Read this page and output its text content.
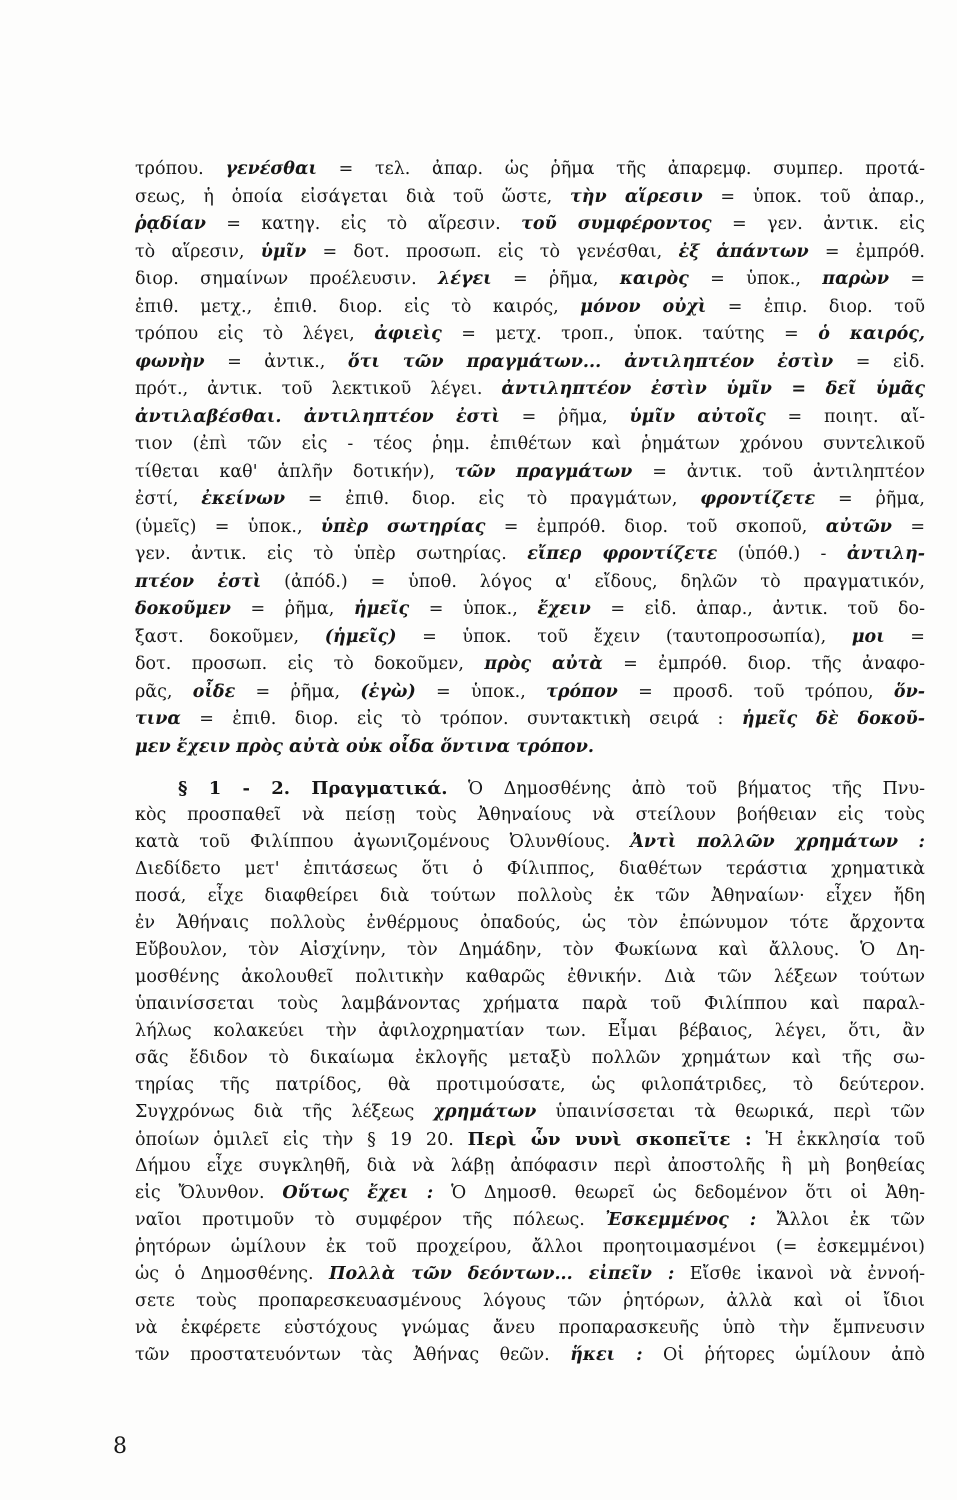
τρόπου. γενέσθαι = τελ. ἀπαρ. ὡς ῥῆμα τῆς ἀπαρεμφ. συμπερ. προτά-
σεως, ἡ ὁποία εἰσάγεται διὰ τοῦ ὥστε, τὴν αἵρεσιν = ὑποκ. τοῦ ἀπαρ.,
ῥᾳδίαν = κατηγ. εἰς τὸ αἵρεσιν. τοῦ συμφέροντος = γεν. ἀντικ. εἰς
τὸ αἵρεσιν, ὑμῖν = δοτ. προσωπ. εἰς τὸ γενέσθαι, ἐξ ἁπάντων = ἐμπρόθ.
διορ. σημαίνων προέλευσιν. λέγει = ῥῆμα, καιρὸς = ὑποκ., παρὼν =
ἐπιθ. μετχ., ἐπιθ. διορ. εἰς τὸ καιρός, μόνον οὐχὶ = ἐπιρ. διορ. τοῦ
τρόπου εἰς τὸ λέγει, ἀφιεὶς = μετχ. τροπ., ὑποκ. ταύτης = ὁ καιρός,
φωνὴν = ἀντικ., ὅτι τῶν πραγμάτων... ἀντιληπτέον ἐστὶν = εἰδ.
πρότ., ἀντικ. τοῦ λεκτικοῦ λέγει. ἀντιληπτέον ἐστὶν ὑμῖν = δεῖ ὑμᾶς
ἀντιλαβέσθαι. ἀντιληπτέον ἐστὶ = ῥῆμα, ὑμῖν αὐτοῖς = ποιητ. αἴ-
τιον (ἐπὶ τῶν εἰς - τέος ῥημ. ἐπιθέτων καὶ ῥημάτων χρόνου συντελικοῦ
τίθεται καθ' ἁπλῆν δοτικήν), τῶν πραγμάτων = ἀντικ. τοῦ ἀντιληπτέον
ἐστί, ἐκείνων = ἐπιθ. διορ. εἰς τὸ πραγμάτων, φροντίζετε = ῥῆμα,
(ὑμεῖς) = ὑποκ., ὑπὲρ σωτηρίας = ἐμπρόθ. διορ. τοῦ σκοποῦ, αὐτῶν =
γεν. ἀντικ. εἰς τὸ ὑπὲρ σωτηρίας. εἴπερ φροντίζετε (ὑπόθ.) - ἀντιλη-
πτέον ἐστὶ (ἀπόδ.) = ὑποθ. λόγος α' εἴδους, δηλῶν τὸ πραγματικόν,
δοκοῦμεν = ῥῆμα, ἡμεῖς = ὑποκ., ἔχειν = εἰδ. ἀπαρ., ἀντικ. τοῦ δο-
ξαστ. δοκοῦμεν, (ἡμεῖς) = ὑποκ. τοῦ ἔχειν (ταυτοπροσωπία), μοι =
δοτ. προσωπ. εἰς τὸ δοκοῦμεν, πρὸς αὐτὰ = ἐμπρόθ. διορ. τῆς ἀναφο-
ρᾶς, οἶδε = ῥῆμα, (ἐγὼ) = ὑποκ., τρόπον = προσδ. τοῦ τρόπου, ὅν-
τινα = ἐπιθ. διορ. εἰς τὸ τρόπον. συντακτικὴ σειρά : ἡμεῖς δὲ δοκοῦ-
μεν ἔχειν πρὸς αὐτὰ οὐκ οἶδα ὅντινα τρόπον.
§ 1 - 2. Πραγματικά. Ὁ Δημοσθένης ἀπὸ τοῦ βήματος τῆς Πνυ-
κὸς προσπαθεῖ νὰ πείσῃ τοὺς Ἀθηναίους νὰ στείλουν βοήθειαν εἰς τοὺς
κατὰ τοῦ Φιλίππου ἀγωνιζομένους Ὀλυνθίους. Ἀντὶ πολλῶν χρημάτων :
Διεδίδετο μετ' ἐπιτάσεως ὅτι ὁ Φίλιππος, διαθέτων τεράστια χρηματικὰ
ποσά, εἶχε διαφθείρει διὰ τούτων πολλοὺς ἐκ τῶν Ἀθηναίων· εἶχεν ἤδη
ἐν Ἀθήναις πολλοὺς ἐνθέρμους ὀπαδούς, ὡς τὸν ἐπώνυμον τότε ἄρχοντα
Εὔβουλον, τὸν Αἰσχίνην, τὸν Δημάδην, τὸν Φωκίωνα καὶ ἄλλους. Ὁ Δη-
μοσθένης ἀκολουθεῖ πολιτικὴν καθαρῶς ἐθνικήν. Διὰ τῶν λέξεων τούτων
ὑπαινίσσεται τοὺς λαμβάνοντας χρήματα παρὰ τοῦ Φιλίππου καὶ παραλ-
λήλως κολακεύει τὴν ἀφιλοχρηματίαν των. Εἶμαι βέβαιος, λέγει, ὅτι, ἂν
σᾶς ἔδιδον τὸ δικαίωμα ἐκλογῆς μεταξὺ πολλῶν χρημάτων καὶ τῆς σω-
τηρίας τῆς πατρίδος, θὰ προτιμούσατε, ὡς φιλοπάτριδες, τὸ δεύτερον.
Συγχρόνως διὰ τῆς λέξεως χρημάτων ὑπαινίσσεται τὰ θεωρικά, περὶ τῶν
ὁποίων ὁμιλεῖ εἰς τὴν § 19 20. Περὶ ὧν νυνὶ σκοπεῖτε : Ἡ ἐκκλησία τοῦ
Δήμου εἶχε συγκληθῆ, διὰ νὰ λάβῃ ἀπόφασιν περὶ ἀποστολῆς ἢ μὴ βοηθείας
εἰς Ὄλυνθον. Οὕτως ἔχει : Ὁ Δημοσθ. θεωρεῖ ὡς δεδομένον ὅτι οἱ Ἀθη-
ναῖοι προτιμοῦν τὸ συμφέρον τῆς πόλεως. Ἐσκεμμένος : Ἄλλοι ἐκ τῶν
ῥητόρων ὡμίλουν ἐκ τοῦ προχείρου, ἄλλοι προητοιμασμένοι (= ἐσκεμμένοι)
ὡς ὁ Δημοσθένης. Πολλὰ τῶν δεόντων... εἰπεῖν : Εἴσθε ἱκανοὶ νὰ ἐννοή-
σετε τοὺς προπαρεσκευασμένους λόγους τῶν ῥητόρων, ἀλλὰ καὶ οἱ ἴδιοι
νὰ ἐκφέρετε εὐστόχους γνώμας ἄνευ προπαρασκευῆς ὑπὸ τὴν ἔμπνευσιν
τῶν προστατευόντων τὰς Ἀθήνας θεῶν. ἥκει : Οἱ ῥήτορες ὡμίλουν ἀπὸ
8
